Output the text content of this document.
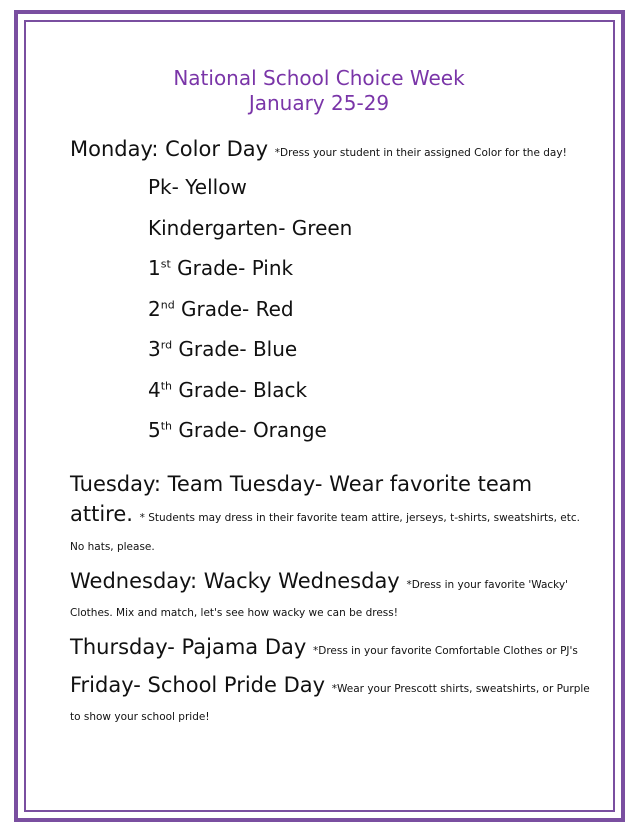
National School Choice Week
January 25-29

Monday: Color Day *Dress your student in their assigned Color for the day!

Pk- Yellow
Kindergarten- Green
1st Grade- Pink
2nd Grade- Red
3rd Grade- Blue
4th Grade- Black
5th Grade- Orange

Tuesday: Team Tuesday- Wear favorite team attire. * Students may dress in their favorite team attire, jerseys, t-shirts, sweatshirts, etc. No hats, please.

Wednesday: Wacky Wednesday *Dress in your favorite 'Wacky' Clothes. Mix and match, let's see how wacky we can be dress!

Thursday- Pajama Day *Dress in your favorite Comfortable Clothes or PJ's

Friday- School Pride Day *Wear your Prescott shirts, sweatshirts, or Purple to show your school pride!
